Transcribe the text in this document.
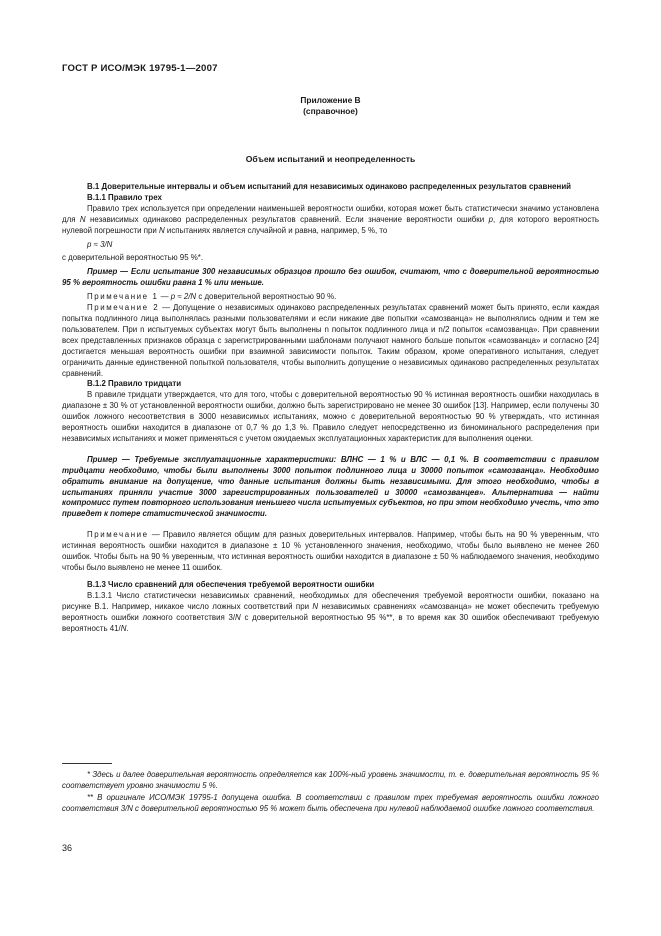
ГОСТ Р ИСО/МЭК 19795-1—2007
Приложение В
(справочное)
Объем испытаний и неопределенность

В.1 Доверительные интервалы и объем испытаний для независимых одинаково распределенных результатов сравнений

В.1.1 Правило трех

Правило трех используется при определении наименьшей вероятности ошибки, которая может быть статистически значимо установлена для N независимых одинаково распределенных результатов сравнений. Если значение вероятности ошибки p, для которого вероятность нулевой погрешности при N испытаниях является случайной и равна, например, 5 %, то

p ≈ 3/N

с доверительной вероятностью 95 %*.

Пример — Если испытание 300 независимых образцов прошло без ошибок, считают, что с доверительной вероятностью 95 % вероятность ошибки равна 1 % или меньше.

Примечание 1 — p ≈ 2/N с доверительной вероятностью 90 %.

Примечание 2 — Допущение о независимых одинаково распределенных результатах сравнений может быть принято, если каждая попытка подлинного лица выполнялась разными пользователями и если никакие две попытки «самозванца» не выполнялись одним и тем же пользователем. При n испытуемых субъектах могут быть выполнены n попыток подлинного лица и n/2 попыток «самозванца». При сравнении всех представленных признаков образца с зарегистрированными шаблонами получают намного больше попыток «самозванца» и согласно [24] достигается меньшая вероятность ошибки при взаимной зависимости попыток. Таким образом, кроме оперативного испытания, следует ограничить данные единственной попыткой пользователя, чтобы выполнить допущение о независимых одинаково распределенных результатах сравнений.

В.1.2 Правило тридцати

В правиле тридцати утверждается, что для того, чтобы с доверительной вероятностью 90 % истинная вероятность ошибки находилась в диапазоне ± 30 % от установленной вероятности ошибки, должно быть зарегистрировано не менее 30 ошибок [13]. Например, если получены 30 ошибок ложного несоответствия в 3000 независимых испытаниях, можно с доверительной вероятностью 90 % утверждать, что истинная вероятность ошибки находится в диапазоне от 0,7 % до 1,3 %. Правило следует непосредственно из биноминального распределения при независимых испытаниях и может применяться с учетом ожидаемых эксплуатационных характеристик для выполнения оценки.

Пример — Требуемые эксплуатационные характеристики: ВЛНС — 1 % и ВЛС — 0,1 %. В соответствии с правилом тридцати необходимо, чтобы были выполнены 3000 попыток подлинного лица и 30000 попыток «самозванца». Необходимо обратить внимание на допущение, что данные испытания должны быть независимыми. Для этого необходимо, чтобы в испытаниях приняли участие 3000 зарегистрированных пользователей и 30000 «самозванцев». Альтернатива — найти компромисс путем повторного использования меньшего числа испытуемых субъектов, но при этом необходимо учесть, что это приведет к потере статистической значимости.

Примечание — Правило является общим для разных доверительных интервалов. Например, чтобы быть на 90 % уверенным, что истинная вероятность ошибки находится в диапазоне ± 10 % установленного значения, необходимо, чтобы было выявлено не менее 260 ошибок. Чтобы быть на 90 % уверенным, что истинная вероятность ошибки находится в диапазоне ± 50 % наблюдаемого значения, необходимо чтобы было выявлено не менее 11 ошибок.

В.1.3 Число сравнений для обеспечения требуемой вероятности ошибки

В.1.3.1 Число статистически независимых сравнений, необходимых для обеспечения требуемой вероятности ошибки, показано на рисунке В.1. Например, никакое число ложных соответствий при N независимых сравнениях «самозванца» не может обеспечить требуемую вероятность ошибки ложного соответствия 3/N с доверительной вероятностью 95 %**, в то время как 30 ошибок обеспечивают требуемую вероятность 41/N.

* Здесь и далее доверительная вероятность определяется как 100%-ный уровень значимости, т. е. доверительная вероятность 95 % соответствует уровню значимости 5 %.

** В оригинале ИСО/МЭК 19795-1 допущена ошибка. В соответствии с правилом трех требуемая вероятность ошибки ложного соответствия 3/N с доверительной вероятностью 95 % может быть обеспечена при нулевой наблюдаемой ошибке ложного соответствия.

36
